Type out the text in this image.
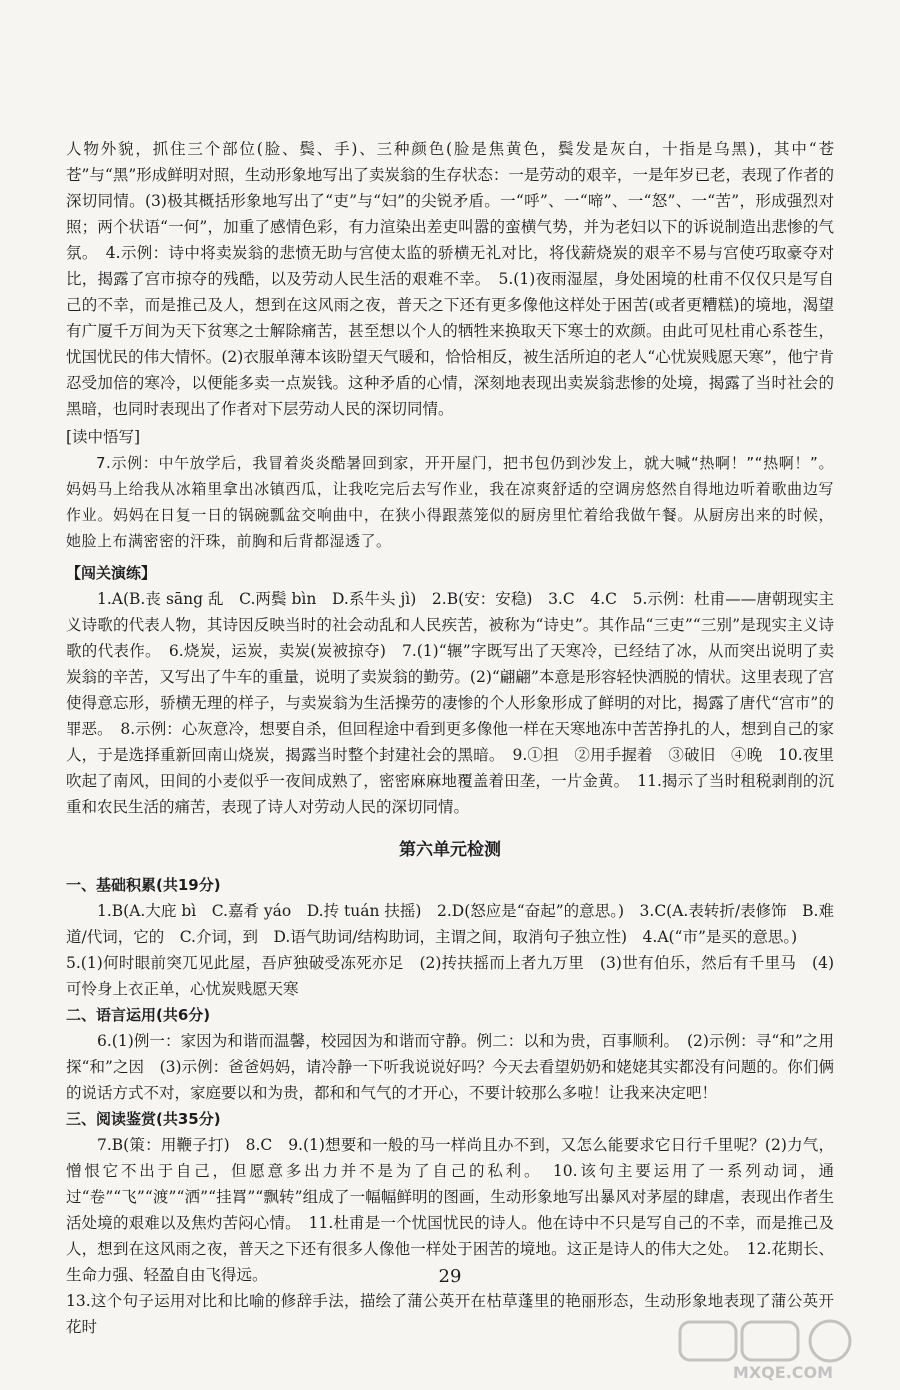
人物外貌，抓住三个部位(脸、鬓、手)、三种颜色(脸是焦黄色，鬓发是灰白，十指是乌黑)，其中“苍苍”与“黑”形成鲜明对照，生动形象地写出了卖炭翁的生存状态：一是劳动的艰辛，一是年岁已老，表现了作者的深切同情。(3)极其概括形象地写出了“吏”与“妇”的尖锐矛盾。一“呼”、一“啼”、一“怒”、一“苦”，形成强烈对照；两个状语“一何”，加重了感情色彩，有力渲染出差吏叫嚣的蛮横气势，并为老妇以下的诉说制造出悲惨的气氛。　4.示例：诗中将卖炭翁的悲愤无助与宫使太监的骄横无礼对比，将伐薪烧炭的艰辛不易与宫使巧取豪夺对比，揭露了宫市掠夺的残酷，以及劳动人民生活的艰难不幸。　5.(1)夜雨湿屋，身处困境的杜甫不仅仅只是写自己的不幸，而是推己及人，想到在这风雨之夜，普天之下还有更多像他这样处于困苦(或者更糟糕)的境地，渴望有广厦千万间为天下贫寒之士解除痛苦，甚至想以个人的牺牲来换取天下寒士的欢颜。由此可见杜甫心系苍生，忧国忧民的伟大情怀。(2)衣服单薄本该盼望天气暖和，恰恰相反，被生活所迫的老人“心忧炭贱愿天寒”，他宁肯忍受加倍的寒冷，以便能多卖一点炭钱。这种矛盾的心情，深刻地表现出卖炭翁悲惨的处境，揭露了当时社会的黑暗，也同时表现出了作者对下层劳动人民的深切同情。

[读中悟写]

7.示例：中午放学后，我冒着炎炎酷暑回到家，开开屋门，把书包仍到沙发上，就大喊“热啊！”“热啊！”。妈妈马上给我从冰箱里拿出冰镇西瓜，让我吃完后去写作业，我在凉爽舒适的空调房悠然自得地边听着歌曲边写作业。妈妈在日复一日的锅碗瓢盆交响曲中，在狭小得跟蒸笼似的厨房里忙着给我做午餐。从厨房出来的时候，她脸上布满密密的汗珠，前胸和后背都湿透了。

【闯关演练】

1.A(B.丧 sāng 乱　C.两鬓 bìn　D.系牛头 jì)　2.B(安：安稳)　3.C　4.C　5.示例：杜甫——唐朝现实主义诗歌的代表人物，其诗因反映当时的社会动乱和人民疾苦，被称为“诗史”。其作品“三吏”“三别”是现实主义诗歌的代表作。　6.烧炭，运炭，卖炭(炭被掠夺)　7.(1)“辗”字既写出了天寒冷，已经结了冰，从而突出说明了卖炭翁的辛苦，又写出了牛车的重量，说明了卖炭翁的勤劳。(2)“翩翩”本意是形容轻快洒脱的情状。这里表现了宫使得意忘形，骄横无理的样子，与卖炭翁为生活操劳的凄惨的个人形象形成了鲜明的对比，揭露了唐代“宫市”的罪恶。　8.示例：心灰意冷，想要自杀，但回程途中看到更多像他一样在天寒地冻中苦苦挣扎的人，想到自己的家人，于是选择重新回南山烧炭，揭露当时整个封建社会的黑暗。　9.①担　②用手握着　③破旧　④晚　10.夜里吹起了南风，田间的小麦似乎一夜间成熟了，密密麻麻地覆盖着田垄，一片金黄。　11.揭示了当时租税剥削的沉重和农民生活的痛苦，表现了诗人对劳动人民的深切同情。

第六单元检测
一、基础积累(共19分)

1.B(A.大庇 bì　C.嘉肴 yáo　D.抟 tuán 扶摇)　2.D(怒应是“奋起”的意思。)　3.C(A.表转折/表修饰　B.难道/代词，它的　C.介词，到　D.语气助词/结构助词，主谓之间，取消句子独立性)　4.A(“市”是买的意思。)

5.(1)何时眼前突兀见此屋，吾庐独破受冻死亦足　(2)抟扶摇而上者九万里　(3)世有伯乐，然后有千里马　(4)可怜身上衣正单，心忧炭贱愿天寒

二、语言运用(共6分)

6.(1)例一：家因为和谐而温馨，校园因为和谐而守静。例二：以和为贵，百事顺利。　(2)示例：寻“和”之用　探“和”之因　(3)示例：爸爸妈妈，请冷静一下听我说说好吗？今天去看望奶奶和姥姥其实都没有问题的。你们俩的说话方式不对，家庭要以和为贵，都和和气气的才开心，不要计较那么多啦！让我来决定吧！

三、阅读鉴赏(共35分)

7.B(策：用鞭子打)　8.C　9.(1)想要和一般的马一样尚且办不到，又怎么能要求它日行千里呢？(2)力气，憎恨它不出于自己，但愿意多出力并不是为了自己的私利。　10.该句主要运用了一系列动词，通过“卷”“飞”“渡”“洒”“挂罥”“飘转”组成了一幅幅鲜明的图画，生动形象地写出暴风对茅屋的肆虐，表现出作者生活处境的艰难以及焦灼苦闷心情。　11.杜甫是一个忧国忧民的诗人。他在诗中不只是写自己的不幸，而是推己及人，想到在这风雨之夜，普天之下还有很多人像他一样处于困苦的境地。这正是诗人的伟大之处。　12.花期长、生命力强、轻盈自由飞得远。

13.这个句子运用对比和比喻的修辞手法，描绘了蒲公英开在枯草蓬里的艳丽形态，生动形象地表现了蒲公英开花时

29
MXQE.COM
